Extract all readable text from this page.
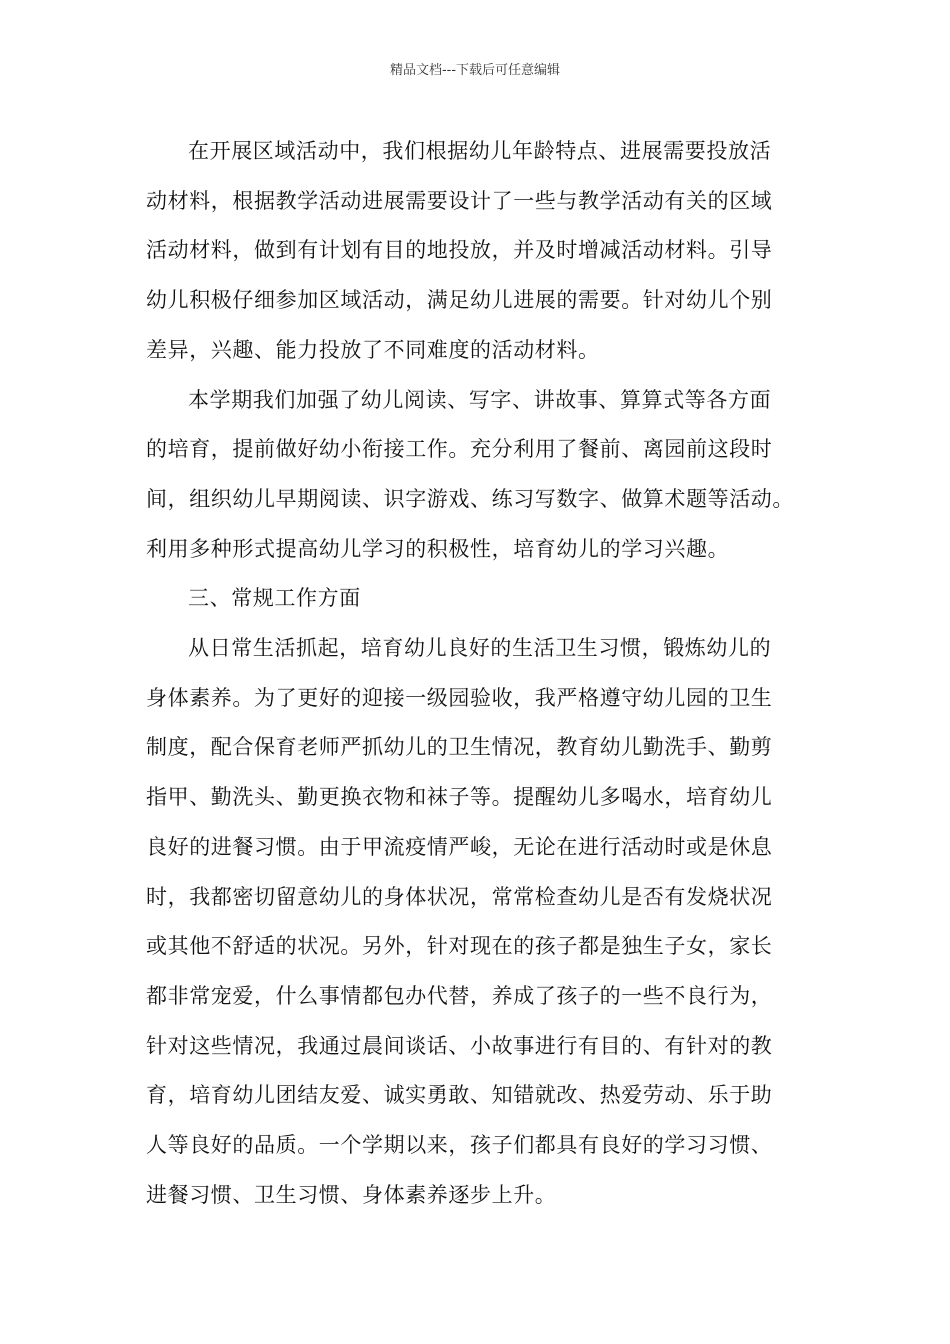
精品文档---下载后可任意编辑

在开展区域活动中，我们根据幼儿年龄特点、进展需要投放活
动材料，根据教学活动进展需要设计了一些与教学活动有关的区域
活动材料，做到有计划有目的地投放，并及时增减活动材料。引导
幼儿积极仔细参加区域活动，满足幼儿进展的需要。针对幼儿个别
差异，兴趣、能力投放了不同难度的活动材料。

本学期我们加强了幼儿阅读、写字、讲故事、算算式等各方面
的培育，提前做好幼小衔接工作。充分利用了餐前、离园前这段时
间，组织幼儿早期阅读、识字游戏、练习写数字、做算术题等活动。
利用多种形式提高幼儿学习的积极性，培育幼儿的学习兴趣。

三、常规工作方面

从日常生活抓起，培育幼儿良好的生活卫生习惯，锻炼幼儿的
身体素养。为了更好的迎接一级园验收，我严格遵守幼儿园的卫生
制度，配合保育老师严抓幼儿的卫生情况，教育幼儿勤洗手、勤剪
指甲、勤洗头、勤更换衣物和袜子等。提醒幼儿多喝水，培育幼儿
良好的进餐习惯。由于甲流疫情严峻，无论在进行活动时或是休息
时，我都密切留意幼儿的身体状况，常常检查幼儿是否有发烧状况
或其他不舒适的状况。另外，针对现在的孩子都是独生子女，家长
都非常宠爱，什么事情都包办代替，养成了孩子的一些不良行为，
针对这些情况，我通过晨间谈话、小故事进行有目的、有针对的教
育，培育幼儿团结友爱、诚实勇敢、知错就改、热爱劳动、乐于助
人等良好的品质。一个学期以来，孩子们都具有良好的学习习惯、
进餐习惯、卫生习惯、身体素养逐步上升。
